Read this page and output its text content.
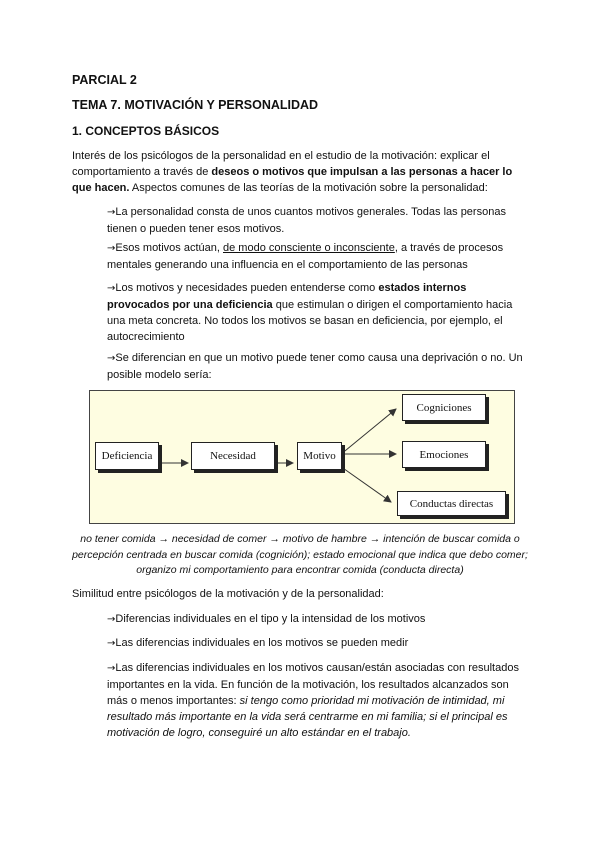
PARCIAL 2
TEMA 7. MOTIVACIÓN Y PERSONALIDAD
1. CONCEPTOS BÁSICOS
Interés de los psicólogos de la personalidad en el estudio de la motivación: explicar el comportamiento a través de deseos o motivos que impulsan a las personas a hacer lo que hacen. Aspectos comunes de las teorías de la motivación sobre la personalidad:
→La personalidad consta de unos cuantos motivos generales. Todas las personas tienen o pueden tener esos motivos.
→Esos motivos actúan, de modo consciente o inconsciente, a través de procesos mentales generando una influencia en el comportamiento de las personas
→Los motivos y necesidades pueden entenderse como estados internos provocados por una deficiencia que estimulan o dirigen el comportamiento hacia una meta concreta. No todos los motivos se basan en deficiencia, por ejemplo, el autocrecimiento
→Se diferencian en que un motivo puede tener como causa una deprivación o no. Un posible modelo sería:
Deficiencia	Necesidad	Motivo
Cogniciones
Emociones
Conductas directas
no tener comida → necesidad de comer → motivo de hambre → intención de buscar comida o percepción centrada en buscar comida (cognición); estado emocional que indica que debo comer; organizo mi comportamiento para encontrar comida (conducta directa)
Similitud entre psicólogos de la motivación y de la personalidad:
→Diferencias individuales en el tipo y la intensidad de los motivos
→Las diferencias individuales en los motivos se pueden medir
→Las diferencias individuales en los motivos causan/están asociadas con resultados importantes en la vida. En función de la motivación, los resultados alcanzados son más o menos importantes: si tengo como prioridad mi motivación de intimidad, mi resultado más importante en la vida será centrarme en mi familia; si el principal es motivación de logro, conseguiré un alto estándar en el trabajo.
